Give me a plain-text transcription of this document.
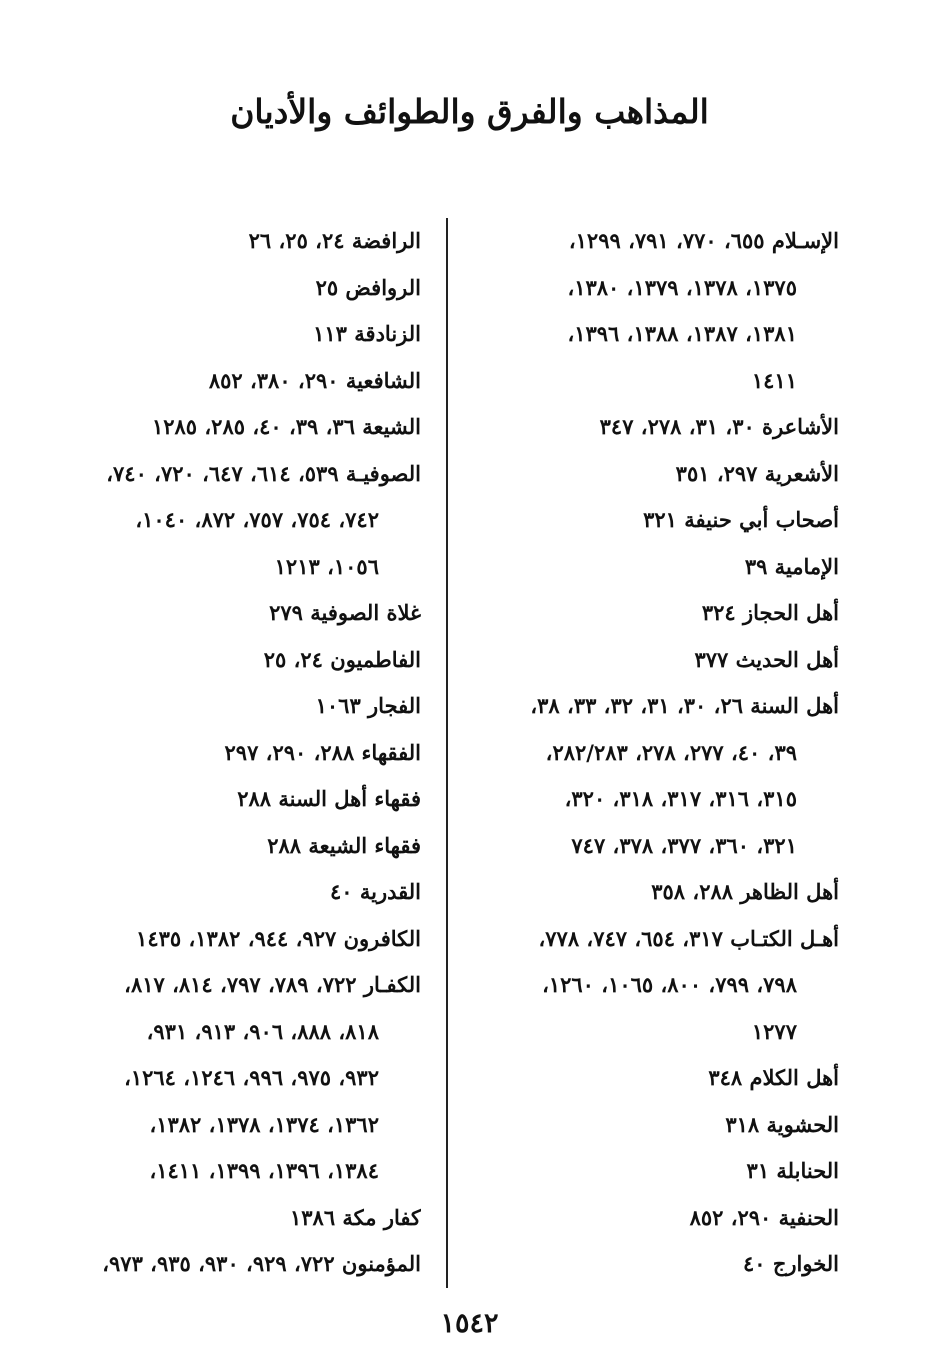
المذاهب والفرق والطوائف والأديان
الإسـلام ٦٥٥، ٧٧٠، ٧٩١، ١٢٩٩،
١٣٧٥، ١٣٧٨، ١٣٧٩، ١٣٨٠،
١٣٨١، ١٣٨٧، ١٣٨٨، ١٣٩٦،
١٤١١
الأشاعرة ٣٠، ٣١، ٢٧٨، ٣٤٧
الأشعرية ٢٩٧، ٣٥١
أصحاب أبي حنيفة ٣٢١
الإمامية ٣٩
أهل الحجاز ٣٢٤
أهل الحديث ٣٧٧
أهل السنة ٢٦، ٣٠، ٣١، ٣٢، ٣٣، ٣٨،
٣٩، ٤٠، ٢٧٧، ٢٧٨، ٢٨٢/٢٨٣،
٣١٥، ٣١٦، ٣١٧، ٣١٨، ٣٢٠،
٣٢١، ٣٦٠، ٣٧٧، ٣٧٨، ٧٤٧
أهل الظاهر ٢٨٨، ٣٥٨
أهـل الكتـاب ٣١٧، ٦٥٤، ٧٤٧، ٧٧٨،
٧٩٨، ٧٩٩، ٨٠٠، ١٠٦٥، ١٢٦٠،
١٢٧٧
أهل الكلام ٣٤٨
الحشوية ٣١٨
الحنابلة ٣١
الحنفية ٢٩٠، ٨٥٢
الخوارج ٤٠
الرافضة ٢٤، ٢٥، ٢٦
الروافض ٢٥
الزنادقة ١١٣
الشافعية ٢٩٠، ٣٨٠، ٨٥٢
الشيعة ٣٦، ٣٩، ٤٠، ٢٨٥، ١٢٨٥
الصوفيـة ٥٣٩، ٦١٤، ٦٤٧، ٧٢٠، ٧٤٠،
٧٤٢، ٧٥٤، ٧٥٧، ٨٧٢، ١٠٤٠،
١٠٥٦، ١٢١٣
غلاة الصوفية ٢٧٩
الفاطميون ٢٤، ٢٥
الفجار ١٠٦٣
الفقهاء ٢٨٨، ٢٩٠، ٢٩٧
فقهاء أهل السنة ٢٨٨
فقهاء الشيعة ٢٨٨
القدرية ٤٠
الكافرون ٩٢٧، ٩٤٤، ١٣٨٢، ١٤٣٥
الكفـار ٧٢٢، ٧٨٩، ٧٩٧، ٨١٤، ٨١٧،
٨١٨، ٨٨٨، ٩٠٦، ٩١٣، ٩٣١،
٩٣٢، ٩٧٥، ٩٩٦، ١٢٤٦، ١٢٦٤،
١٣٦٢، ١٣٧٤، ١٣٧٨، ١٣٨٢،
١٣٨٤، ١٣٩٦، ١٣٩٩، ١٤١١،
كفار مكة ١٣٨٦
المؤمنون ٧٢٢، ٩٢٩، ٩٣٠، ٩٣٥، ٩٧٣،
١٥٤٢
